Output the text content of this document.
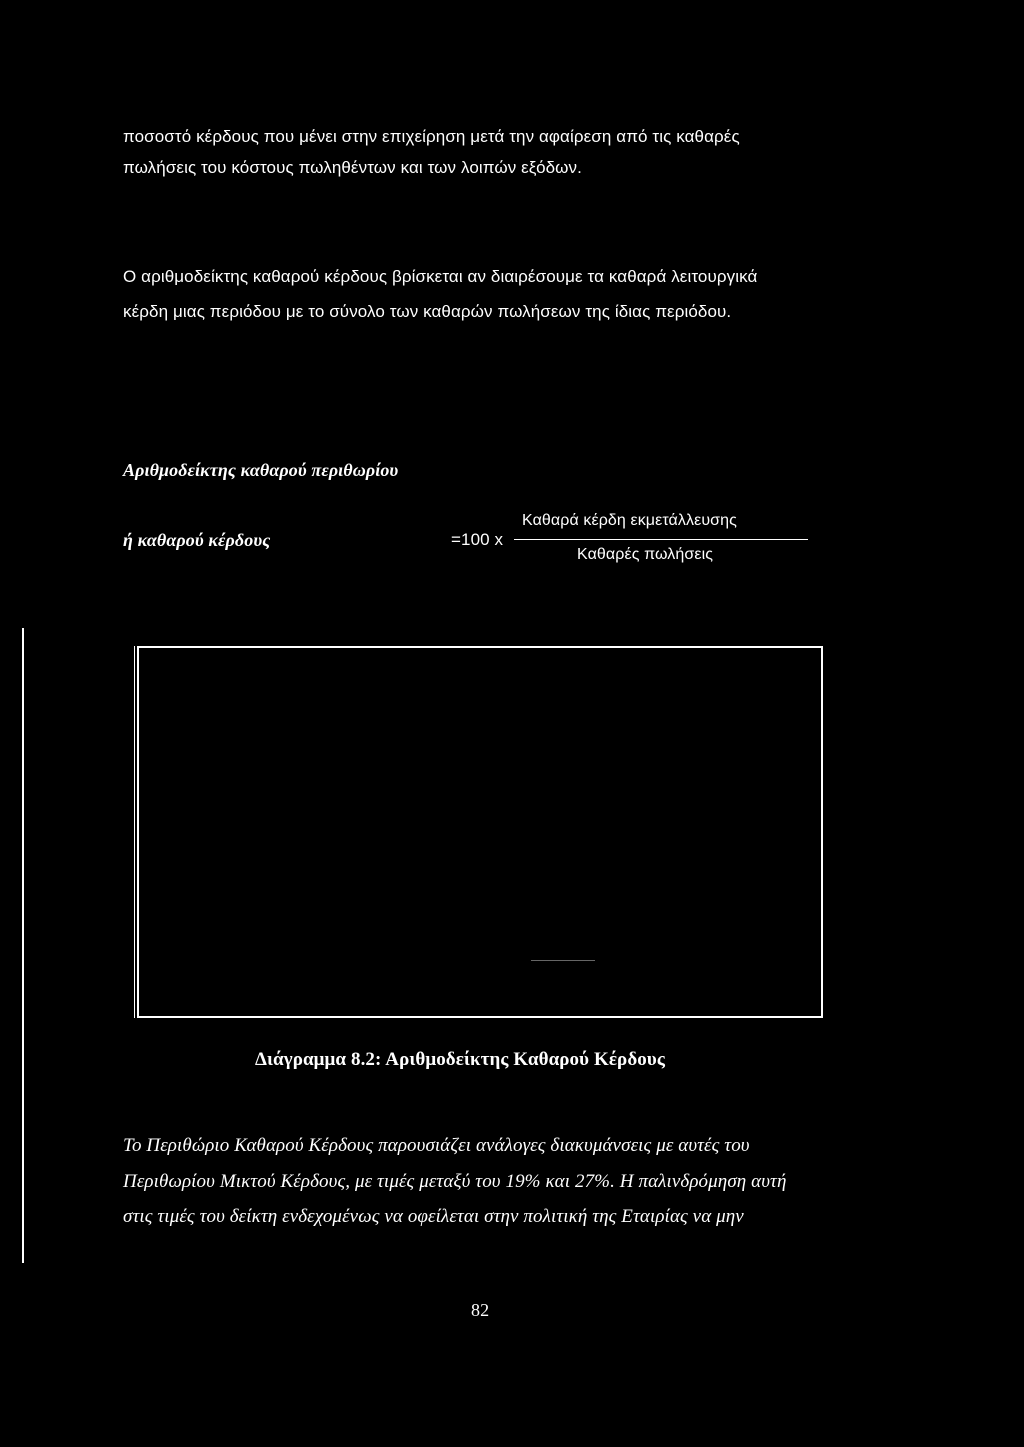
ποσοστό κέρδους που μένει στην επιχείρηση μετά την αφαίρεση από τις καθαρές
πωλήσεις του κόστους πωληθέντων και των λοιπών εξόδων.
Ο αριθμοδείκτης καθαρού κέρδους βρίσκεται αν διαιρέσουμε τα καθαρά λειτουργικά
κέρδη μιας περιόδου με το σύνολο των καθαρών πωλήσεων της ίδιας περιόδου.
Αριθμοδείκτης καθαρού περιθωρίου
ή καθαρού κέρδους	=100 x
Καθαρά κέρδη εκμετάλλευσης
Καθαρές πωλήσεις
Διάγραμμα 8.2: Αριθμοδείκτης Καθαρού Κέρδους
Το Περιθώριο Καθαρού Κέρδους παρουσιάζει ανάλογες διακυμάνσεις με αυτές του
Περιθωρίου Μικτού Κέρδους, με τιμές μεταξύ του 19% και 27%. Η παλινδρόμηση αυτή
στις τιμές του δείκτη ενδεχομένως να οφείλεται στην πολιτική της Εταιρίας να μην
82
